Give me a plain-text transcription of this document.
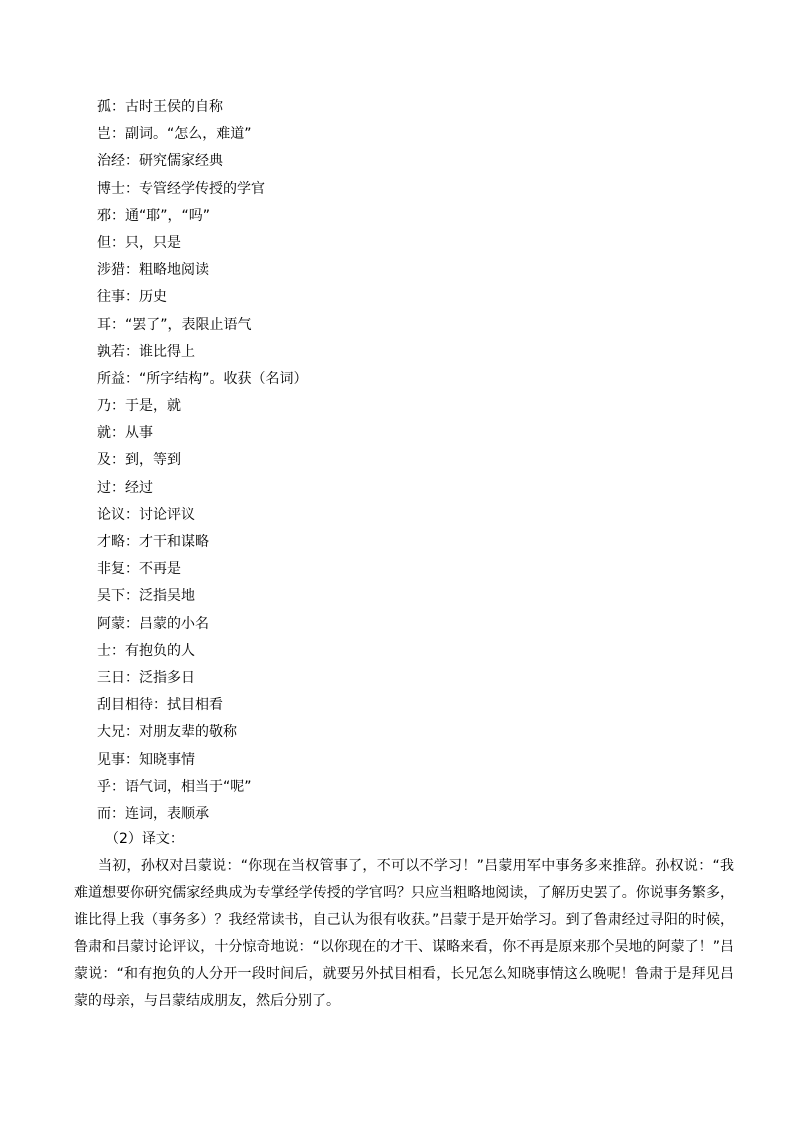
孤：古时王侯的自称
岂：副词。“怎么，难道”
治经：研究儒家经典
博士：专管经学传授的学官
邪：通“耶”，“吗”
但：只，只是
涉猎：粗略地阅读
往事：历史
耳：“罢了”，表限止语气
孰若：谁比得上
所益：“所字结构”。收获（名词）
乃：于是，就
就：从事
及：到，等到
过：经过
论议：讨论评议
才略：才干和谋略
非复：不再是
吴下：泛指吴地
阿蒙：吕蒙的小名
士：有抱负的人
三日：泛指多日
刮目相待：拭目相看
大兄：对朋友辈的敬称
见事：知晓事情
乎：语气词，相当于“呢”
而：连词，表顺承
（2）译文：

当初，孙权对吕蒙说：“你现在当权管事了，不可以不学习！”吕蒙用军中事务多来推辞。孙权说：“我难道想要你研究儒家经典成为专掌经学传授的学官吗？只应当粗略地阅读，了解历史罢了。你说事务繁多，谁比得上我（事务多）？我经常读书，自己认为很有收获。”吕蒙于是开始学习。到了鲁肃经过寻阳的时候，鲁肃和吕蒙讨论评议，十分惊奇地说：“以你现在的才干、谋略来看，你不再是原来那个吴地的阿蒙了！”吕蒙说：“和有抱负的人分开一段时间后，就要另外拭目相看，长兄怎么知晓事情这么晚呢！鲁肃于是拜见吕蒙的母亲，与吕蒙结成朋友，然后分别了。
